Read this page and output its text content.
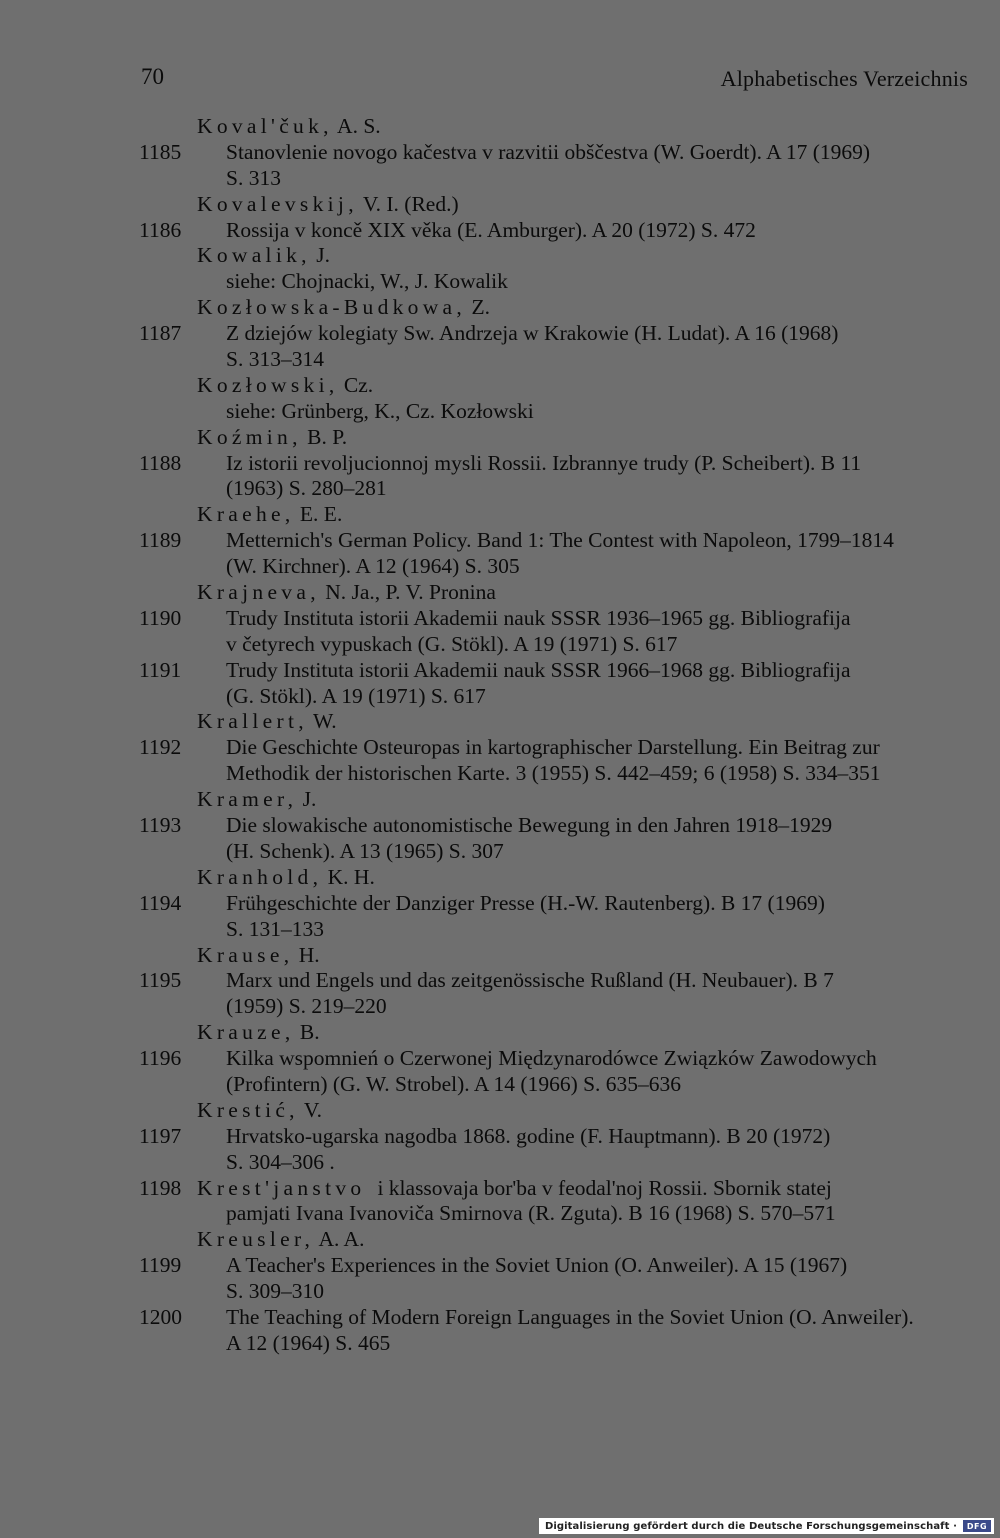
70	Alphabetisches Verzeichnis
Koval'čuk, A. S.
1185	Stanovlenie novogo kačestva v razvitii obščestva (W. Goerdt). A 17 (1969)
S. 313
Kovalevskij, V. I. (Red.)
1186	Rossija v koncě XIX věka (E. Amburger). A 20 (1972) S. 472
Kowalik, J.
siehe: Chojnacki, W., J. Kowalik
Kozłowska-Budkowa, Z.
1187	Z dziejów kolegiaty Sw. Andrzeja w Krakowie (H. Ludat). A 16 (1968)
S. 313–314
Kozłowski, Cz.
siehe: Grünberg, K., Cz. Kozłowski
Koźmin, B. P.
1188	Iz istorii revoljucionnoj mysli Rossii. Izbrannye trudy (P. Scheibert). B 11
(1963) S. 280–281
Kraehe, E. E.
1189	Metternich's German Policy. Band 1: The Contest with Napoleon, 1799–1814
(W. Kirchner). A 12 (1964) S. 305
Krajneva, N. Ja., P. V. Pronina
1190	Trudy Instituta istorii Akademii nauk SSSR 1936–1965 gg. Bibliografija
v četyrech vypuskach (G. Stökl). A 19 (1971) S. 617
1191	Trudy Instituta istorii Akademii nauk SSSR 1966–1968 gg. Bibliografija
(G. Stökl). A 19 (1971) S. 617
Krallert, W.
1192	Die Geschichte Osteuropas in kartographischer Darstellung. Ein Beitrag zur
Methodik der historischen Karte. 3 (1955) S. 442–459; 6 (1958) S. 334–351
Kramer, J.
1193	Die slowakische autonomistische Bewegung in den Jahren 1918–1929
(H. Schenk). A 13 (1965) S. 307
Kranhold, K. H.
1194	Frühgeschichte der Danziger Presse (H.-W. Rautenberg). B 17 (1969)
S. 131–133
Krause, H.
1195	Marx und Engels und das zeitgenössische Rußland (H. Neubauer). B 7
(1959) S. 219–220
Krauze, B.
1196	Kilka wspomnień o Czerwonej Międzynarodówce Związków Zawodowych
(Profintern) (G. W. Strobel). A 14 (1966) S. 635–636
Krestić, V.
1197	Hrvatsko-ugarska nagodba 1868. godine (F. Hauptmann). B 20 (1972)
S. 304–306 .
1198 Krest'janstvo i klassovaja bor'ba v feodal'noj Rossii. Sbornik statej
pamjati Ivana Ivanoviča Smirnova (R. Zguta). B 16 (1968) S. 570–571
Kreusler, A. A.
1199	A Teacher's Experiences in the Soviet Union (O. Anweiler). A 15 (1967)
S. 309–310
1200	The Teaching of Modern Foreign Languages in the Soviet Union (O. Anweiler).
A 12 (1964) S. 465
Digitalisierung gefördert durch die Deutsche Forschungsgemeinschaft ·	DFG
